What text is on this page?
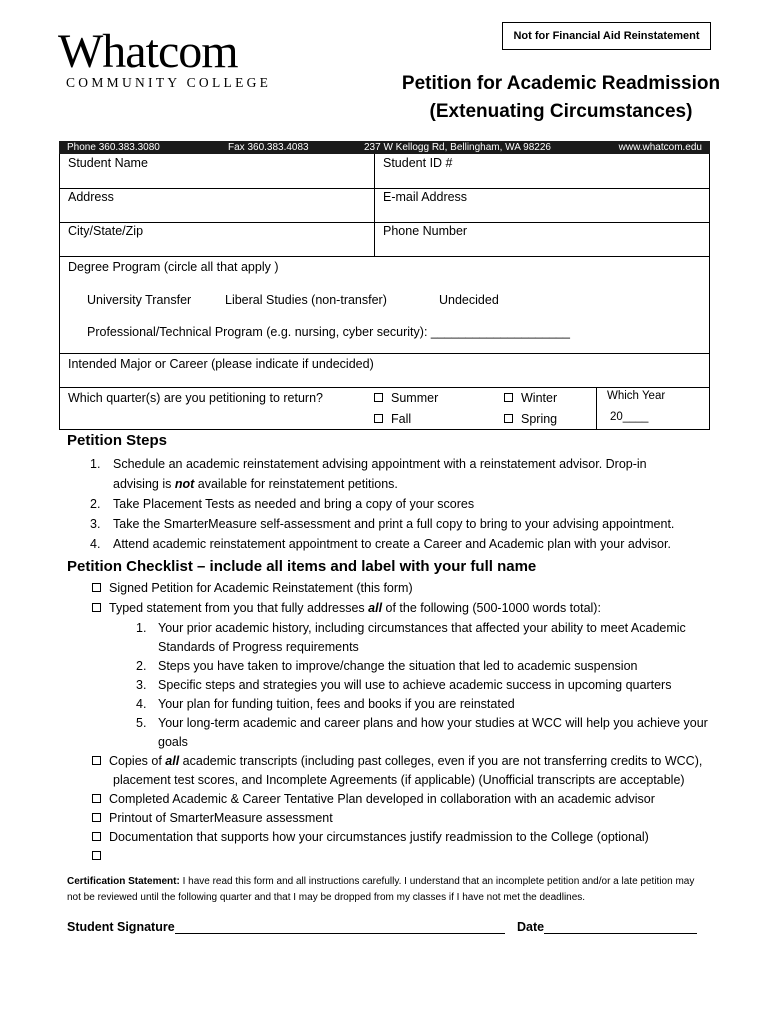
Not for Financial Aid Reinstatement
Whatcom
COMMUNITY COLLEGE	Petition for Academic Readmission
(Extenuating Circumstances)
Phone 360.383.3080	Fax 360.383.4083	237 W Kellogg Rd, Bellingham, WA 98226	www.whatcom.edu
Student Name	Student ID #
Address	E-mail Address
City/State/Zip	Phone Number
Degree Program (circle all that apply )
University Transfer	Liberal Studies (non-transfer)	Undecided
Professional/Technical Program (e.g. nursing, cyber security): ____________________
Intended Major or Career (please indicate if undecided)
Which quarter(s) are you petitioning to return?	Summer	Winter
Fall	Spring
Which Year
20____
Petition Steps
1. Schedule an academic reinstatement advising appointment with a reinstatement advisor. Drop-in
advising is not available for reinstatement petitions.
2. Take Placement Tests as needed and bring a copy of your scores
3. Take the SmarterMeasure self-assessment and print a full copy to bring to your advising appointment.
4. Attend academic reinstatement appointment to create a Career and Academic plan with your advisor.
Petition Checklist – include all items and label with your full name
Signed Petition for Academic Reinstatement (this form)
Typed statement from you that fully addresses all of the following (500-1000 words total):
1. Your prior academic history, including circumstances that affected your ability to meet Academic
Standards of Progress requirements
2. Steps you have taken to improve/change the situation that led to academic suspension
3. Specific steps and strategies you will use to achieve academic success in upcoming quarters
4. Your plan for funding tuition, fees and books if you are reinstated
5. Your long-term academic and career plans and how your studies at WCC will help you achieve your
goals
Copies of all academic transcripts (including past colleges, even if you are not transferring credits to WCC),
placement test scores, and Incomplete Agreements (if applicable) (Unofficial transcripts are acceptable)
Completed Academic & Career Tentative Plan developed in collaboration with an academic advisor
Printout of SmarterMeasure assessment
Documentation that supports how your circumstances justify readmission to the College (optional)
Certification Statement: I have read this form and all instructions carefully. I understand that an incomplete petition and/or a late petition may not be reviewed until the following quarter and that I may be dropped from my classes if I have not met the deadlines.
Student Signature	Date
